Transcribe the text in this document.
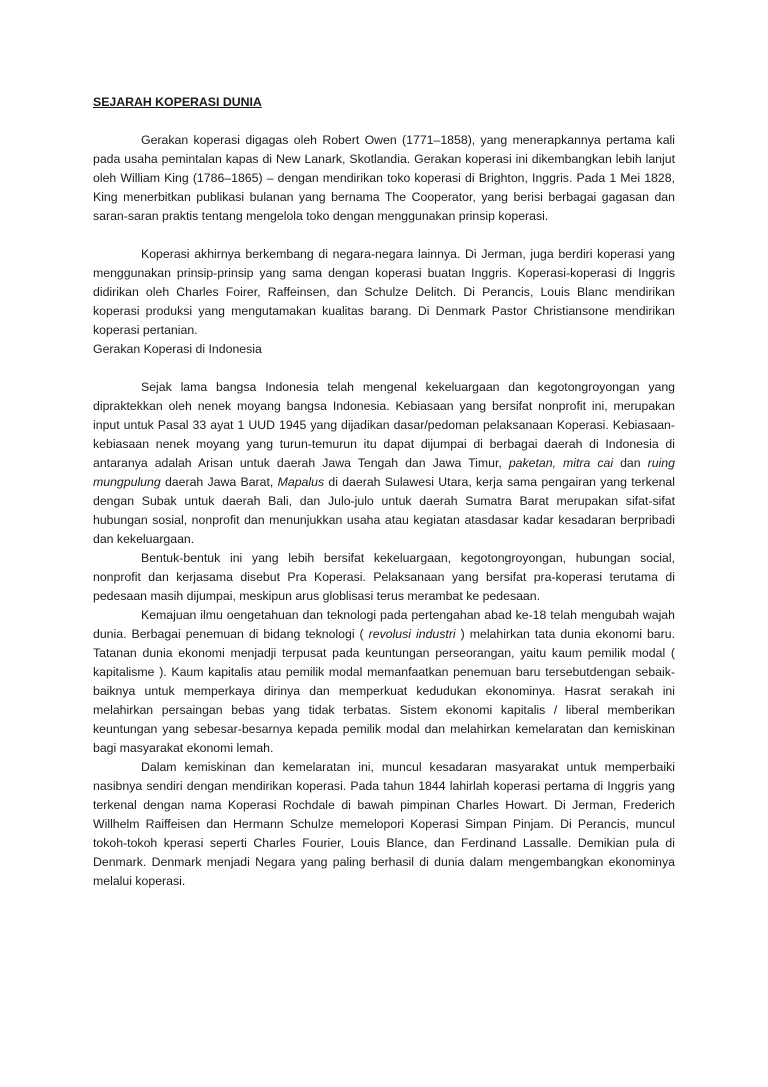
SEJARAH KOPERASI DUNIA

Gerakan koperasi digagas oleh Robert Owen (1771–1858), yang menerapkannya pertama kali pada usaha pemintalan kapas di New Lanark, Skotlandia. Gerakan koperasi ini dikembangkan lebih lanjut oleh William King (1786–1865) – dengan mendirikan toko koperasi di Brighton, Inggris. Pada 1 Mei 1828, King menerbitkan publikasi bulanan yang bernama The Cooperator, yang berisi berbagai gagasan dan saran-saran praktis tentang mengelola toko dengan menggunakan prinsip koperasi.

Koperasi akhirnya berkembang di negara-negara lainnya. Di Jerman, juga berdiri koperasi yang menggunakan prinsip-prinsip yang sama dengan koperasi buatan Inggris. Koperasi-koperasi di Inggris didirikan oleh Charles Foirer, Raffeinsen, dan Schulze Delitch. Di Perancis, Louis Blanc mendirikan koperasi produksi yang mengutamakan kualitas barang. Di Denmark Pastor Christiansone mendirikan koperasi pertanian.

Gerakan Koperasi di Indonesia

Sejak lama bangsa Indonesia telah mengenal kekeluargaan dan kegotongroyongan yang dipraktekkan oleh nenek moyang bangsa Indonesia. Kebiasaan yang bersifat nonprofit ini, merupakan input untuk Pasal 33 ayat 1 UUD 1945 yang dijadikan dasar/pedoman pelaksanaan Koperasi. Kebiasaan-kebiasaan nenek moyang yang turun-temurun itu dapat dijumpai di berbagai daerah di Indonesia di antaranya adalah Arisan untuk daerah Jawa Tengah dan Jawa Timur, paketan, mitra cai dan ruing mungpulung daerah Jawa Barat, Mapalus di daerah Sulawesi Utara, kerja sama pengairan yang terkenal dengan Subak untuk daerah Bali, dan Julo-julo untuk daerah Sumatra Barat merupakan sifat-sifat hubungan sosial, nonprofit dan menunjukkan usaha atau kegiatan atasdasar kadar kesadaran berpribadi dan kekeluargaan.

Bentuk-bentuk ini yang lebih bersifat kekeluargaan, kegotongroyongan, hubungan social, nonprofit dan kerjasama disebut Pra Koperasi. Pelaksanaan yang bersifat pra-koperasi terutama di pedesaan masih dijumpai, meskipun arus globlisasi terus merambat ke pedesaan.

Kemajuan ilmu oengetahuan dan teknologi pada pertengahan abad ke-18 telah mengubah wajah dunia. Berbagai penemuan di bidang teknologi ( revolusi industri ) melahirkan tata dunia ekonomi baru. Tatanan dunia ekonomi menjadji terpusat pada keuntungan perseorangan, yaitu kaum pemilik modal ( kapitalisme ). Kaum kapitalis atau pemilik modal memanfaatkan penemuan baru tersebutdengan sebaik-baiknya untuk memperkaya dirinya dan memperkuat kedudukan ekonominya. Hasrat serakah ini melahirkan persaingan bebas yang tidak terbatas. Sistem ekonomi kapitalis / liberal memberikan keuntungan yang sebesar-besarnya kepada pemilik modal dan melahirkan kemelaratan dan kemiskinan bagi masyarakat ekonomi lemah.

Dalam kemiskinan dan kemelaratan ini, muncul kesadaran masyarakat untuk memperbaiki nasibnya sendiri dengan mendirikan koperasi. Pada tahun 1844 lahirlah koperasi pertama di Inggris yang terkenal dengan nama Koperasi Rochdale di bawah pimpinan Charles Howart. Di Jerman, Frederich Willhelm Raiffeisen dan Hermann Schulze memelopori Koperasi Simpan Pinjam. Di Perancis, muncul tokoh-tokoh kperasi seperti Charles Fourier, Louis Blance, dan Ferdinand Lassalle. Demikian pula di Denmark. Denmark menjadi Negara yang paling berhasil di dunia dalam mengembangkan ekonominya melalui koperasi.
